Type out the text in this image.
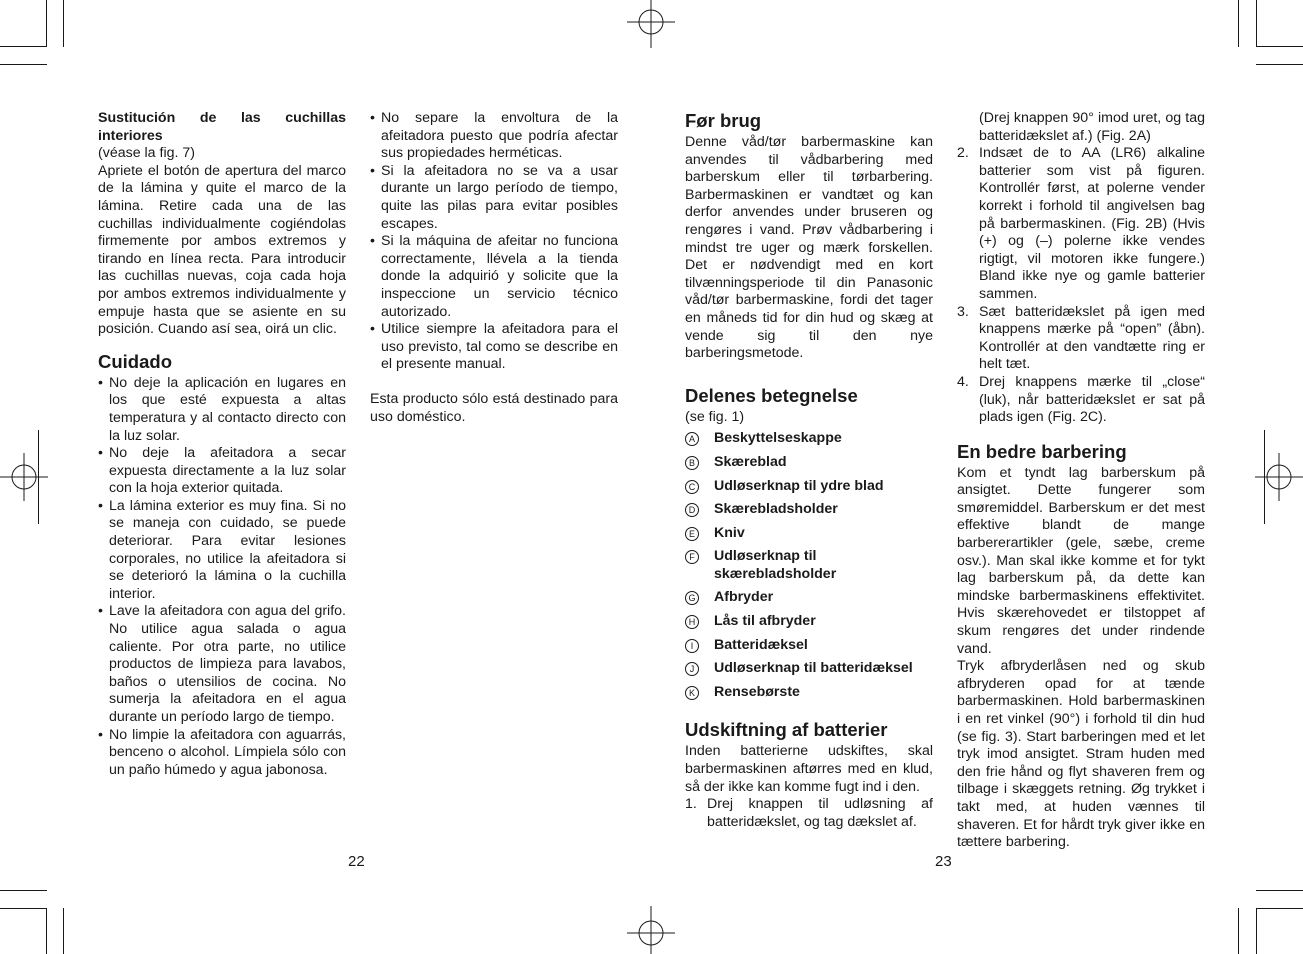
Sustitución de las cuchillas interiores

(véase la fig. 7)

Apriete el botón de apertura del marco de la lámina y quite el marco de la lámina. Retire cada una de las cuchillas individualmente cogiéndolas firmemente por ambos extremos y tirando en línea recta. Para introducir las cuchillas nuevas, coja cada hoja por ambos extremos individualmente y empuje hasta que se asiente en su posición. Cuando así sea, oirá un clic.

Cuidado
• No deje la aplicación en lugares en los que esté expuesta a altas temperatura y al contacto directo con la luz solar.
• No deje la afeitadora a secar expuesta directamente a la luz solar con la hoja exterior quitada.
• La lámina exterior es muy fina. Si no se maneja con cuidado, se puede deteriorar. Para evitar lesiones corporales, no utilice la afeitadora si se deterioró la lámina o la cuchilla interior.
• Lave la afeitadora con agua del grifo. No utilice agua salada o agua caliente. Por otra parte, no utilice productos de limpieza para lavabos, baños o utensilios de cocina. No sumerja la afeitadora en el agua durante un período largo de tiempo.
• No limpie la afeitadora con aguarrás, benceno o alcohol. Límpiela sólo con un paño húmedo y agua jabonosa.
• No separe la envoltura de la afeitadora puesto que podría afectar sus propiedades herméticas.
• Si la afeitadora no se va a usar durante un largo período de tiempo, quite las pilas para evitar posibles escapes.
• Si la máquina de afeitar no funciona correctamente, llévela a la tienda donde la adquirió y solicite que la inspeccione un servicio técnico autorizado.
• Utilice siempre la afeitadora para el uso previsto, tal como se describe en el presente manual.

Esta producto sólo está destinado para uso doméstico.

22
Før brug

Denne våd/tør barbermaskine kan anvendes til vådbarbering med barberskum eller til tørbarbering. Barbermaskinen er vandtæt og kan derfor anvendes under bruseren og rengøres i vand. Prøv vådbarbering i mindst tre uger og mærk forskellen. Det er nødvendigt med en kort tilvænningsperiode til din Panasonic våd/tør barbermaskine, fordi det tager en måneds tid for din hud og skæg at vende sig til den nye barberingsmetode.

Delenes betegnelse

(se fig. 1)

A Beskyttelseskappe
B Skæreblad
C Udløserknap til ydre blad
D Skærebladsholder
E Kniv
F Udløserknap til skærebladsholder
G Afbryder
H Lås til afbryder
I	Batteridæksel
J	Udløserknap til batteridæksel
K Rensebørste
Udskiftning af batterier

Inden batterierne udskiftes, skal barbermaskinen aftørres med en klud, så der ikke kan komme fugt ind i den.

1. Drej knappen til udløsning af batteridækslet, og tag dækslet af.

(Drej knappen 90° imod uret, og tag batteridækslet af.) (Fig. 2A)

2. Indsæt de to AA (LR6) alkaline batterier som vist på figuren. Kontrollér først, at polerne vender korrekt i forhold til angivelsen bag på barbermaskinen. (Fig. 2B) (Hvis (+) og (–) polerne ikke vendes rigtigt, vil motoren ikke fungere.) Bland ikke nye og gamle batterier sammen.
3. Sæt batteridækslet på igen med knappens mærke på “open” (åbn). Kontrollér at den vandtætte ring er helt tæt.
4. Drej knappens mærke til „close“ (luk), når batteridækslet er sat på plads igen (Fig. 2C).
En bedre barbering

Kom et tyndt lag barberskum på ansigtet. Dette fungerer som smøremiddel. Barberskum er det mest effektive blandt de mange barbererartikler (gele, sæbe, creme osv.). Man skal ikke komme et for tykt lag barberskum på, da dette kan mindske barbermaskinens effektivitet. Hvis skærehovedet er tilstoppet af skum rengøres det under rindende vand.

Tryk afbryderlåsen ned og skub afbryderen opad for at tænde barbermaskinen. Hold barbermaskinen i en ret vinkel (90°) i forhold til din hud (se fig. 3). Start barberingen med et let tryk imod ansigtet. Stram huden med den frie hånd og flyt shaveren frem og tilbage i skæggets retning. Øg trykket i takt med, at huden vænnes til shaveren. Et for hårdt tryk giver ikke en tættere barbering.

23
